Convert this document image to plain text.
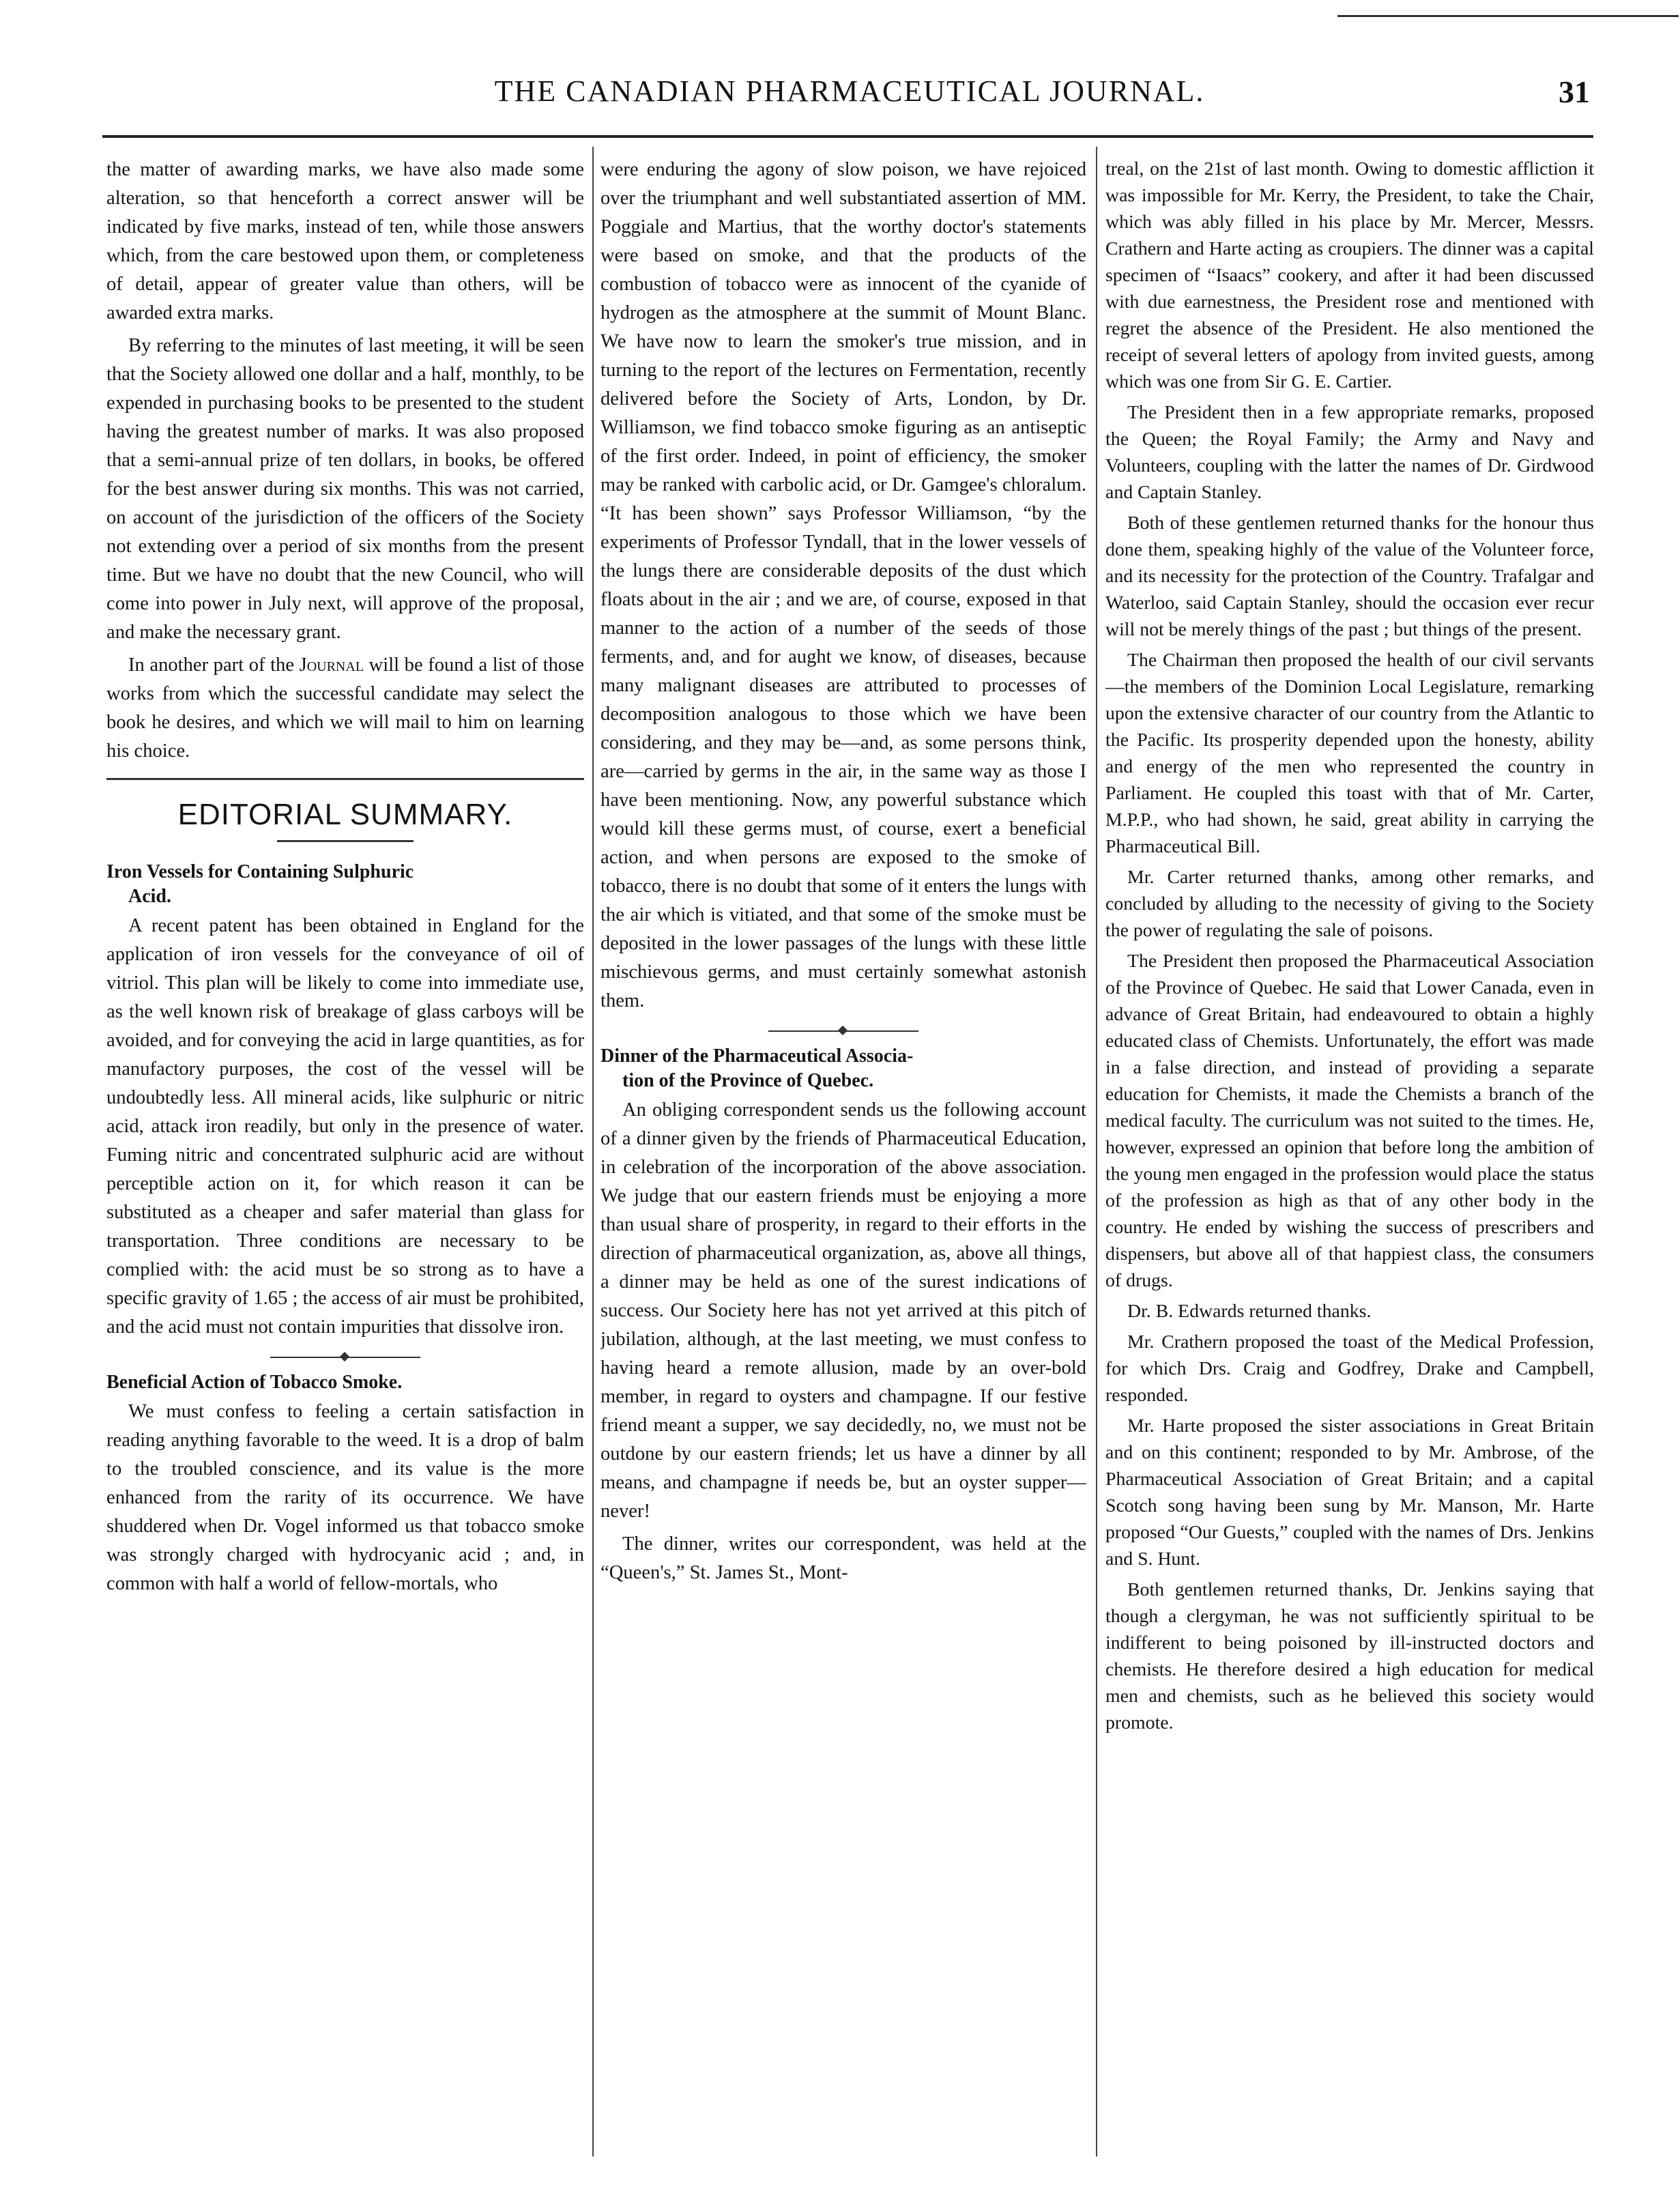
THE CANADIAN PHARMACEUTICAL JOURNAL.	31

the matter of awarding marks, we have also made some alteration, so that henceforth a correct answer will be indicated by five marks, instead of ten, while those answers which, from the care bestowed upon them, or completeness of detail, appear of greater value than others, will be awarded extra marks.

By referring to the minutes of last meeting, it will be seen that the Society allowed one dollar and a half, monthly, to be expended in purchasing books to be presented to the student having the greatest number of marks. It was also proposed that a semi-annual prize of ten dollars, in books, be offered for the best answer during six months. This was not carried, on account of the jurisdiction of the officers of the Society not extending over a period of six months from the present time. But we have no doubt that the new Council, who will come into power in July next, will approve of the proposal, and make the necessary grant.

In another part of the Journal will be found a list of those works from which the successful candidate may select the book he desires, and which we will mail to him on learning his choice.

EDITORIAL SUMMARY.
Iron Vessels for Containing Sulphuric
Acid.

A recent patent has been obtained in England for the application of iron vessels for the conveyance of oil of vitriol. This plan will be likely to come into immediate use, as the well known risk of breakage of glass carboys will be avoided, and for conveying the acid in large quantities, as for manufactory purposes, the cost of the vessel will be undoubtedly less. All mineral acids, like sulphuric or nitric acid, attack iron readily, but only in the presence of water. Fuming nitric and concentrated sulphuric acid are without perceptible action on it, for which reason it can be substituted as a cheaper and safer material than glass for transportation. Three conditions are necessary to be complied with: the acid must be so strong as to have a specific gravity of 1.65 ; the access of air must be prohibited, and the acid must not contain impurities that dissolve iron.

Beneficial Action of Tobacco Smoke.

We must confess to feeling a certain satisfaction in reading anything favorable to the weed. It is a drop of balm to the troubled conscience, and its value is the more enhanced from the rarity of its occurrence. We have shuddered when Dr. Vogel informed us that tobacco smoke was strongly charged with hydrocyanic acid ; and, in common with half a world of fellow-mortals, who

were enduring the agony of slow poison, we have rejoiced over the triumphant and well substantiated assertion of MM. Poggiale and Martius, that the worthy doctor's statements were based on smoke, and that the products of the combustion of tobacco were as innocent of the cyanide of hydrogen as the atmosphere at the summit of Mount Blanc. We have now to learn the smoker's true mission, and in turning to the report of the lectures on Fermentation, recently delivered before the Society of Arts, London, by Dr. Williamson, we find tobacco smoke figuring as an antiseptic of the first order. Indeed, in point of efficiency, the smoker may be ranked with carbolic acid, or Dr. Gamgee's chloralum. “It has been shown” says Professor Williamson, “by the experiments of Professor Tyndall, that in the lower vessels of the lungs there are considerable deposits of the dust which floats about in the air ; and we are, of course, exposed in that manner to the action of a number of the seeds of those ferments, and, and for aught we know, of diseases, because many malignant diseases are attributed to processes of decomposition analogous to those which we have been considering, and they may be—and, as some persons think, are—carried by germs in the air, in the same way as those I have been mentioning. Now, any powerful substance which would kill these germs must, of course, exert a beneficial action, and when persons are exposed to the smoke of tobacco, there is no doubt that some of it enters the lungs with the air which is vitiated, and that some of the smoke must be deposited in the lower passages of the lungs with these little mischievous germs, and must certainly somewhat astonish them.

Dinner of the Pharmaceutical Associa-
tion of the Province of Quebec.

An obliging correspondent sends us the following account of a dinner given by the friends of Pharmaceutical Education, in celebration of the incorporation of the above association. We judge that our eastern friends must be enjoying a more than usual share of prosperity, in regard to their efforts in the direction of pharmaceutical organization, as, above all things, a dinner may be held as one of the surest indications of success. Our Society here has not yet arrived at this pitch of jubilation, although, at the last meeting, we must confess to having heard a remote allusion, made by an over-bold member, in regard to oysters and champagne. If our festive friend meant a supper, we say decidedly, no, we must not be outdone by our eastern friends; let us have a dinner by all means, and champagne if needs be, but an oyster supper—never!

The dinner, writes our correspondent, was held at the “Queen's,” St. James St., Mont-

treal, on the 21st of last month. Owing to domestic affliction it was impossible for Mr. Kerry, the President, to take the Chair, which was ably filled in his place by Mr. Mercer, Messrs. Crathern and Harte acting as croupiers. The dinner was a capital specimen of “Isaacs” cookery, and after it had been discussed with due earnestness, the President rose and mentioned with regret the absence of the President. He also mentioned the receipt of several letters of apology from invited guests, among which was one from Sir G. E. Cartier.

The President then in a few appropriate remarks, proposed the Queen; the Royal Family; the Army and Navy and Volunteers, coupling with the latter the names of Dr. Girdwood and Captain Stanley.

Both of these gentlemen returned thanks for the honour thus done them, speaking highly of the value of the Volunteer force, and its necessity for the protection of the Country. Trafalgar and Waterloo, said Captain Stanley, should the occasion ever recur will not be merely things of the past ; but things of the present.

The Chairman then proposed the health of our civil servants—the members of the Dominion Local Legislature, remarking upon the extensive character of our country from the Atlantic to the Pacific. Its prosperity depended upon the honesty, ability and energy of the men who represented the country in Parliament. He coupled this toast with that of Mr. Carter, M.P.P., who had shown, he said, great ability in carrying the Pharmaceutical Bill.

Mr. Carter returned thanks, among other remarks, and concluded by alluding to the necessity of giving to the Society the power of regulating the sale of poisons.

The President then proposed the Pharmaceutical Association of the Province of Quebec. He said that Lower Canada, even in advance of Great Britain, had endeavoured to obtain a highly educated class of Chemists. Unfortunately, the effort was made in a false direction, and instead of providing a separate education for Chemists, it made the Chemists a branch of the medical faculty. The curriculum was not suited to the times. He, however, expressed an opinion that before long the ambition of the young men engaged in the profession would place the status of the profession as high as that of any other body in the country. He ended by wishing the success of prescribers and dispensers, but above all of that happiest class, the consumers of drugs.

Dr. B. Edwards returned thanks.

Mr. Crathern proposed the toast of the Medical Profession, for which Drs. Craig and Godfrey, Drake and Campbell, responded.

Mr. Harte proposed the sister associations in Great Britain and on this continent; responded to by Mr. Ambrose, of the Pharmaceutical Association of Great Britain; and a capital Scotch song having been sung by Mr. Manson, Mr. Harte proposed “Our Guests,” coupled with the names of Drs. Jenkins and S. Hunt.

Both gentlemen returned thanks, Dr. Jenkins saying that though a clergyman, he was not sufficiently spiritual to be indifferent to being poisoned by ill-instructed doctors and chemists. He therefore desired a high education for medical men and chemists, such as he believed this society would promote.
